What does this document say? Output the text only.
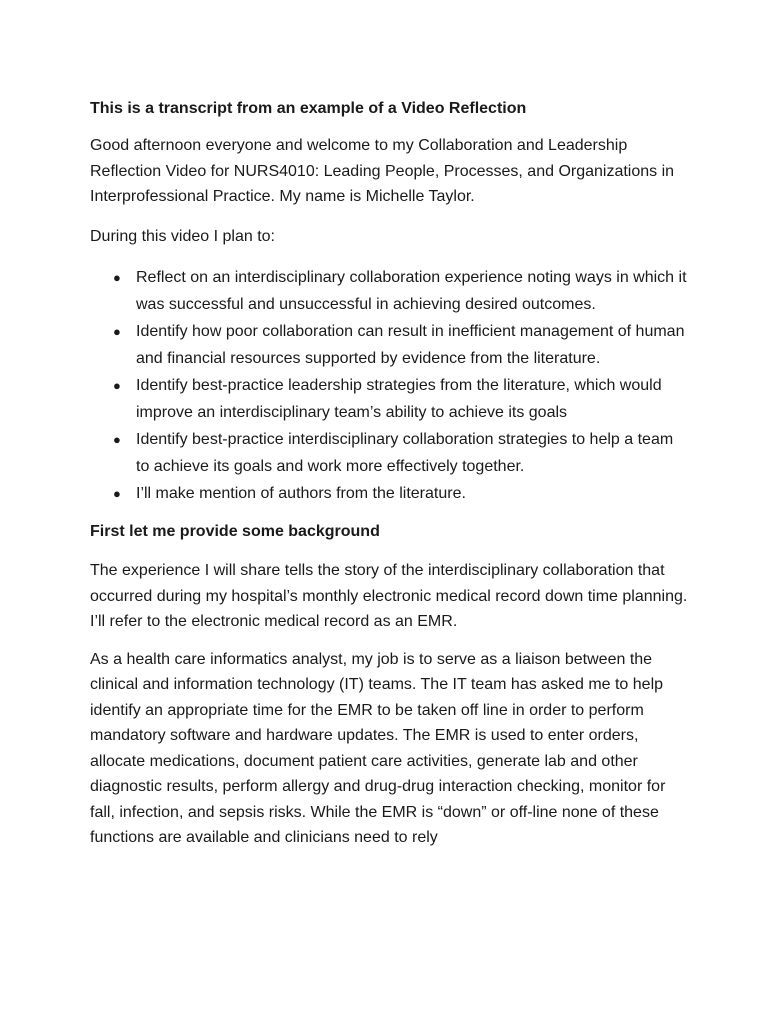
This is a transcript from an example of a Video Reflection

Good afternoon everyone and welcome to my Collaboration and Leadership Reflection Video for NURS4010: Leading People, Processes, and Organizations in Interprofessional Practice. My name is Michelle Taylor.

During this video I plan to:

● Reflect on an interdisciplinary collaboration experience noting ways in which it was successful and unsuccessful in achieving desired outcomes.
● Identify how poor collaboration can result in inefficient management of human and financial resources supported by evidence from the literature.
● Identify best-practice leadership strategies from the literature, which would improve an interdisciplinary team’s ability to achieve its goals
● Identify best-practice interdisciplinary collaboration strategies to help a team to achieve its goals and work more effectively together.
● I’ll make mention of authors from the literature.

First let me provide some background

The experience I will share tells the story of the interdisciplinary collaboration that occurred during my hospital’s monthly electronic medical record down time planning. I’ll refer to the electronic medical record as an EMR.

As a health care informatics analyst, my job is to serve as a liaison between the clinical and information technology (IT) teams. The IT team has asked me to help identify an appropriate time for the EMR to be taken off line in order to perform mandatory software and hardware updates. The EMR is used to enter orders, allocate medications, document patient care activities, generate lab and other diagnostic results, perform allergy and drug-drug interaction checking, monitor for fall, infection, and sepsis risks. While the EMR is “down” or off-line none of these functions are available and clinicians need to rely
